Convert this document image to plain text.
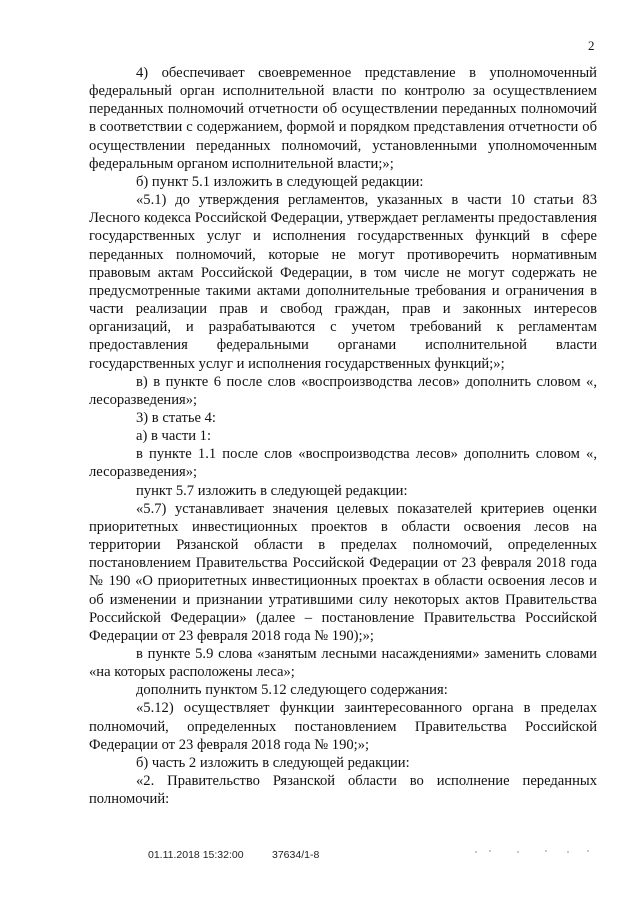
2

4) обеспечивает своевременное представление в уполномоченный федеральный орган исполнительной власти по контролю за осуществлением переданных полномочий отчетности об осуществлении переданных полномочий в соответствии с содержанием, формой и порядком представления отчетности об осуществлении переданных полномочий, установленными уполномоченным федеральным органом исполнительной власти;»;

б) пункт 5.1 изложить в следующей редакции:

«5.1) до утверждения регламентов, указанных в части 10 статьи 83 Лесного кодекса Российской Федерации, утверждает регламенты предоставления государственных услуг и исполнения государственных функций в сфере переданных полномочий, которые не могут противоречить нормативным правовым актам Российской Федерации, в том числе не могут содержать не предусмотренные такими актами дополнительные требования и ограничения в части реализации прав и свобод граждан, прав и законных интересов организаций, и разрабатываются с учетом требований к регламентам предоставления федеральными органами исполнительной власти государственных услуг и исполнения государственных функций;»;

в) в пункте 6 после слов «воспроизводства лесов» дополнить словом «, лесоразведения»;

3) в статье 4:

а) в части 1:

в пункте 1.1 после слов «воспроизводства лесов» дополнить словом «, лесоразведения»;

пункт 5.7 изложить в следующей редакции:

«5.7) устанавливает значения целевых показателей критериев оценки приоритетных инвестиционных проектов в области освоения лесов на территории Рязанской области в пределах полномочий, определенных постановлением Правительства Российской Федерации от 23 февраля 2018 года № 190 «О приоритетных инвестиционных проектах в области освоения лесов и об изменении и признании утратившими силу некоторых актов Правительства Российской Федерации» (далее – постановление Правительства Российской Федерации от 23 февраля 2018 года № 190);»;

в пункте 5.9 слова «занятым лесными насаждениями» заменить словами «на которых расположены леса»;

дополнить пунктом 5.12 следующего содержания:

«5.12) осуществляет функции заинтересованного органа в пределах полномочий, определенных постановлением Правительства Российской Федерации от 23 февраля 2018 года № 190;»;

б) часть 2 изложить в следующей редакции:

«2. Правительство Рязанской области во исполнение переданных полномочий:

01.11.2018 15:32:00	37634/1-8
